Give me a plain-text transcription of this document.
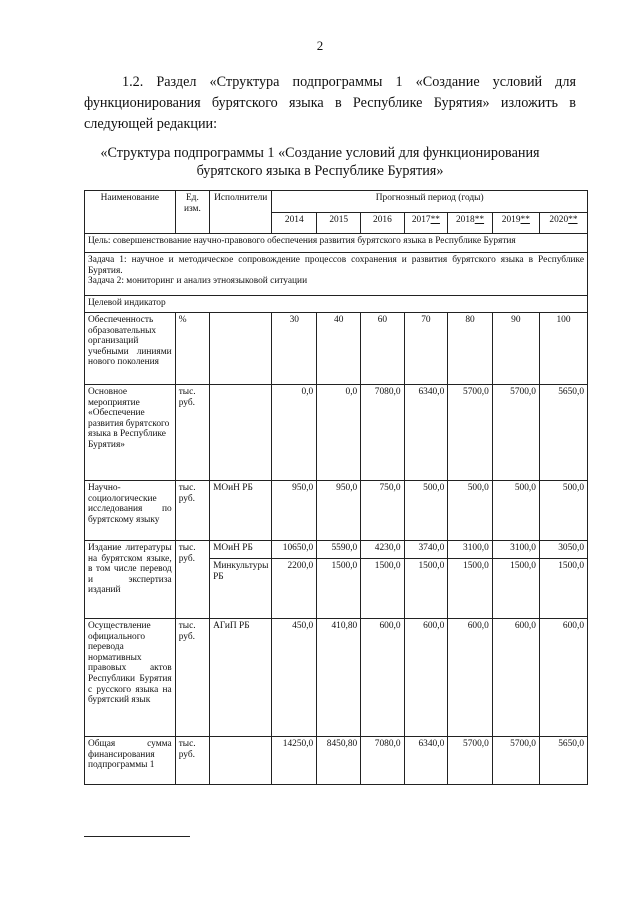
2

1.2. Раздел «Структура подпрограммы 1 «Создание условий для функционирования бурятского языка в Республике Бурятия» изложить в следующей редакции:

«Структура подпрограммы 1 «Создание условий для функционирования бурятского языка в Республике Бурятия»

Наименование	Ед. изм.	Исполнители	Прогнозный период (годы)						
			2014	2015	2016	2017**	2018**	2019**	2020**
Цель: совершенствование научно-правового обеспечения развития бурятского языка в Республике Бурятия									
Задача 1: научное и методическое сопровождение процессов сохранения и развития бурятского языка в Республике Бурятия.
Задача 2: мониторинг и анализ этноязыковой ситуации									
Целевой индикатор									
Обеспеченность образовательных организаций учебными линиями нового поколения	%		30	40	60	70	80	90	100
Основное мероприятие «Обеспечение развития бурятского языка в Республике Бурятия»	тыс. руб.		0,0	0,0	7080,0	6340,0	5700,0	5700,0	5650,0
Научно-социологические исследования по бурятскому языку	тыс. руб.	МОиН РБ	950,0	950,0	750,0	500,0	500,0	500,0	500,0
Издание литературы на бурятском языке, в том числе перевод и экспертиза изданий	тыс. руб.	МОиН РБ	10650,0	5590,0	4230,0	3740,0	3100,0	3100,0	3050,0
		Минкультуры РБ	2200,0	1500,0	1500,0	1500,0	1500,0	1500,0	1500,0
Осуществление официального перевода нормативных правовых актов Республики Бурятия с русского языка на бурятский язык	тыс. руб.	АГиП РБ	450,0	410,80	600,0	600,0	600,0	600,0	600,0
Общая сумма финансирования подпрограммы 1	тыс. руб.		14250,0	8450,80	7080,0	6340,0	5700,0	5700,0	5650,0
